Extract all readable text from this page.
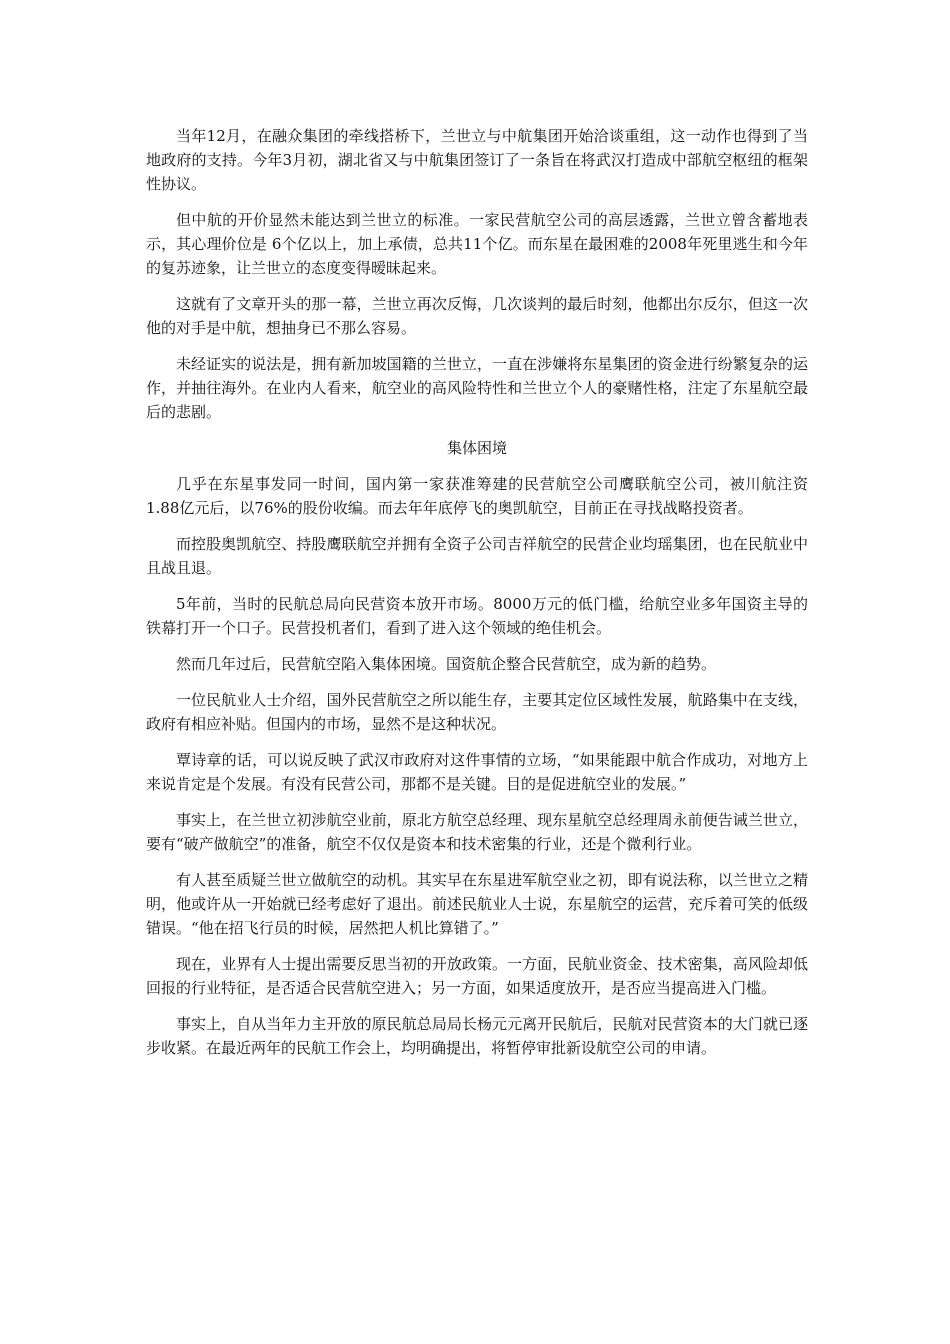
当年12月，在融众集团的牵线搭桥下，兰世立与中航集团开始洽谈重组，这一动作也得到了当地政府的支持。今年3月初，湖北省又与中航集团签订了一条旨在将武汉打造成中部航空枢纽的框架性协议。

但中航的开价显然未能达到兰世立的标准。一家民营航空公司的高层透露，兰世立曾含蓄地表示，其心理价位是 6个亿以上，加上承债，总共11个亿。而东星在最困难的2008年死里逃生和今年的复苏迹象，让兰世立的态度变得暧昧起来。

这就有了文章开头的那一幕，兰世立再次反悔，几次谈判的最后时刻，他都出尔反尔，但这一次他的对手是中航，想抽身已不那么容易。

未经证实的说法是，拥有新加坡国籍的兰世立，一直在涉嫌将东星集团的资金进行纷繁复杂的运作，并抽往海外。在业内人看来，航空业的高风险特性和兰世立个人的豪赌性格，注定了东星航空最后的悲剧。

集体困境

几乎在东星事发同一时间，国内第一家获准筹建的民营航空公司鹰联航空公司，被川航注资1.88亿元后，以76%的股份收编。而去年年底停飞的奥凯航空，目前正在寻找战略投资者。

而控股奥凯航空、持股鹰联航空并拥有全资子公司吉祥航空的民营企业均瑶集团，也在民航业中且战且退。

5年前，当时的民航总局向民营资本放开市场。8000万元的低门槛，给航空业多年国资主导的铁幕打开一个口子。民营投机者们，看到了进入这个领域的绝佳机会。

然而几年过后，民营航空陷入集体困境。国资航企整合民营航空，成为新的趋势。

一位民航业人士介绍，国外民营航空之所以能生存，主要其定位区域性发展，航路集中在支线，政府有相应补贴。但国内的市场，显然不是这种状况。

覃诗章的话，可以说反映了武汉市政府对这件事情的立场，“如果能跟中航合作成功，对地方上来说肯定是个发展。有没有民营公司，那都不是关键。目的是促进航空业的发展。”

事实上，在兰世立初涉航空业前，原北方航空总经理、现东星航空总经理周永前便告诫兰世立，要有“破产做航空”的准备，航空不仅仅是资本和技术密集的行业，还是个微利行业。

有人甚至质疑兰世立做航空的动机。其实早在东星进军航空业之初，即有说法称，以兰世立之精明，他或许从一开始就已经考虑好了退出。前述民航业人士说，东星航空的运营，充斥着可笑的低级错误。“他在招飞行员的时候，居然把人机比算错了。”

现在，业界有人士提出需要反思当初的开放政策。一方面，民航业资金、技术密集，高风险却低回报的行业特征，是否适合民营航空进入；另一方面，如果适度放开，是否应当提高进入门槛。

事实上，自从当年力主开放的原民航总局局长杨元元离开民航后，民航对民营资本的大门就已逐步收紧。在最近两年的民航工作会上，均明确提出，将暂停审批新设航空公司的申请。
